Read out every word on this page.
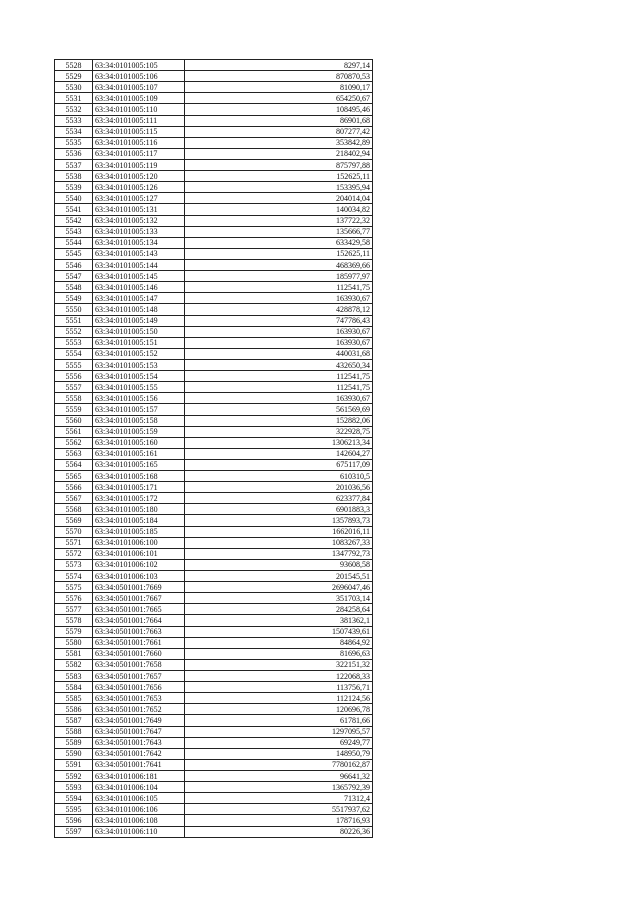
5528	63:34:0101005:105	8297,14
5529	63:34:0101005:106	870870,53
5530	63:34:0101005:107	81090,17
5531	63:34:0101005:109	654250,67
5532	63:34:0101005:110	108495,46
5533	63:34:0101005:111	86901,68
5534	63:34:0101005:115	807277,42
5535	63:34:0101005:116	353842,89
5536	63:34:0101005:117	218402,94
5537	63:34:0101005:119	875797,88
5538	63:34:0101005:120	152625,11
5539	63:34:0101005:126	153395,94
5540	63:34:0101005:127	204014,04
5541	63:34:0101005:131	140034,82
5542	63:34:0101005:132	137722,32
5543	63:34:0101005:133	135666,77
5544	63:34:0101005:134	633429,58
5545	63:34:0101005:143	152625,11
5546	63:34:0101005:144	468369,66
5547	63:34:0101005:145	185977,97
5548	63:34:0101005:146	112541,75
5549	63:34:0101005:147	163930,67
5550	63:34:0101005:148	428878,12
5551	63:34:0101005:149	747786,43
5552	63:34:0101005:150	163930,67
5553	63:34:0101005:151	163930,67
5554	63:34:0101005:152	440031,68
5555	63:34:0101005:153	432650,34
5556	63:34:0101005:154	112541,75
5557	63:34:0101005:155	112541,75
5558	63:34:0101005:156	163930,67
5559	63:34:0101005:157	561569,69
5560	63:34:0101005:158	152882,06
5561	63:34:0101005:159	322928,75
5562	63:34:0101005:160	1306213,34
5563	63:34:0101005:161	142604,27
5564	63:34:0101005:165	675117,09
5565	63:34:0101005:168	610310,5
5566	63:34:0101005:171	201036,56
5567	63:34:0101005:172	623377,84
5568	63:34:0101005:180	6901883,3
5569	63:34:0101005:184	1357893,73
5570	63:34:0101005:185	1662016,11
5571	63:34:0101006:100	1083267,33
5572	63:34:0101006:101	1347792,73
5573	63:34:0101006:102	93608,58
5574	63:34:0101006:103	201545,51
5575	63:34:0501001:7669	2696047,46
5576	63:34:0501001:7667	351703,14
5577	63:34:0501001:7665	284258,64
5578	63:34:0501001:7664	381362,1
5579	63:34:0501001:7663	1507439,61
5580	63:34:0501001:7661	84864,92
5581	63:34:0501001:7660	81696,63
5582	63:34:0501001:7658	322151,32
5583	63:34:0501001:7657	122068,33
5584	63:34:0501001:7656	113756,71
5585	63:34:0501001:7653	112124,56
5586	63:34:0501001:7652	120696,78
5587	63:34:0501001:7649	61781,66
5588	63:34:0501001:7647	1297095,57
5589	63:34:0501001:7643	69249,77
5590	63:34:0501001:7642	148950,79
5591	63:34:0501001:7641	7780162,87
5592	63:34:0101006:181	96641,32
5593	63:34:0101006:104	1365792,39
5594	63:34:0101006:105	71312,4
5595	63:34:0101006:106	5517937,62
5596	63:34:0101006:108	178716,93
5597	63:34:0101006:110	80226,36
